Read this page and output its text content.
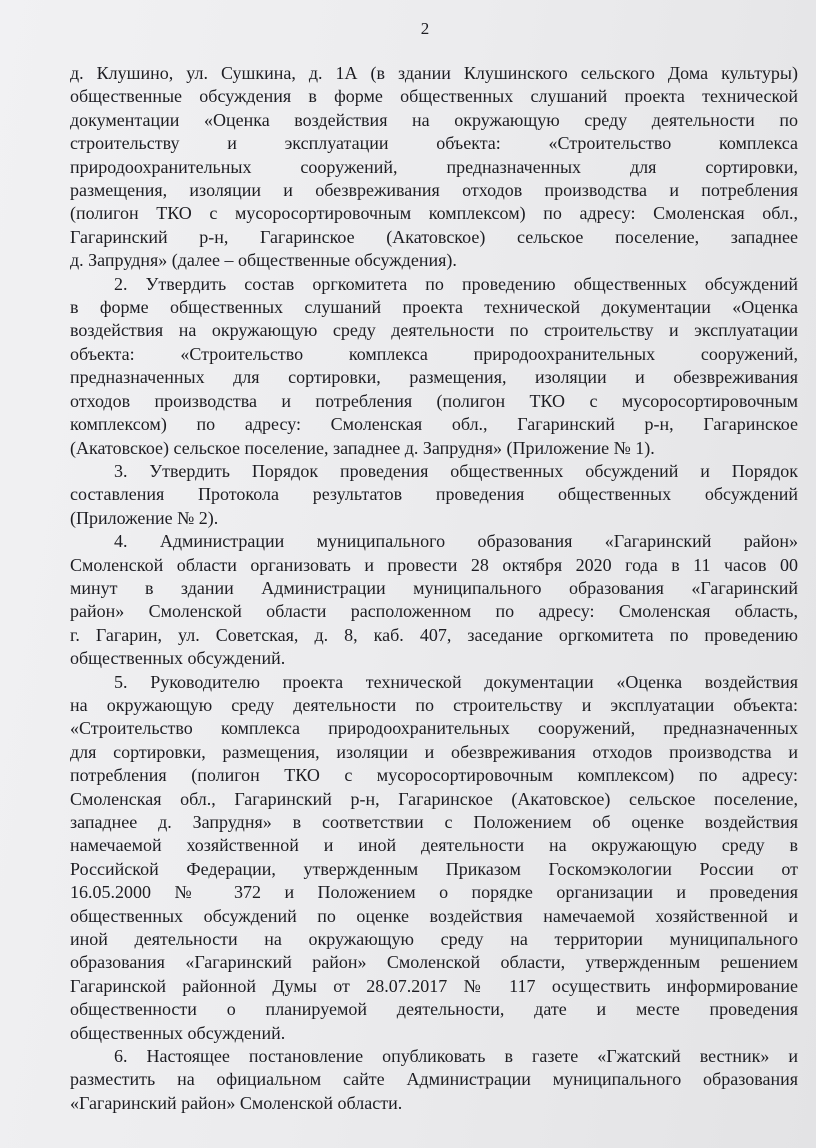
2

д. Клушино, ул. Сушкина, д. 1А (в здании Клушинского сельского Дома культуры)
общественные обсуждения в форме общественных слушаний проекта технической
документации «Оценка воздействия на окружающую среду деятельности по
строительству и эксплуатации объекта: «Строительство комплекса
природоохранительных сооружений, предназначенных для сортировки,
размещения, изоляции и обезвреживания отходов производства и потребления
(полигон ТКО с мусоросортировочным комплексом) по адресу: Смоленская обл.,
Гагаринский р-н, Гагаринское (Акатовское) сельское поселение, западнее
д. Запрудня» (далее – общественные обсуждения).

2. Утвердить состав оргкомитета по проведению общественных обсуждений
в форме общественных слушаний проекта технической документации «Оценка
воздействия на окружающую среду деятельности по строительству и эксплуатации
объекта: «Строительство комплекса природоохранительных сооружений,
предназначенных для сортировки, размещения, изоляции и обезвреживания
отходов производства и потребления (полигон ТКО с мусоросортировочным
комплексом) по адресу: Смоленская обл., Гагаринский р-н, Гагаринское
(Акатовское) сельское поселение, западнее д. Запрудня» (Приложение № 1).

3. Утвердить Порядок проведения общественных обсуждений и Порядок
составления Протокола результатов проведения общественных обсуждений
(Приложение № 2).

4. Администрации муниципального образования «Гагаринский район»
Смоленской области организовать и провести 28 октября 2020 года в 11 часов 00
минут в здании Администрации муниципального образования «Гагаринский
район» Смоленской области расположенном по адресу: Смоленская область,
г. Гагарин, ул. Советская, д. 8, каб. 407, заседание оргкомитета по проведению
общественных обсуждений.

5. Руководителю проекта технической документации «Оценка воздействия
на окружающую среду деятельности по строительству и эксплуатации объекта:
«Строительство комплекса природоохранительных сооружений, предназначенных
для сортировки, размещения, изоляции и обезвреживания отходов производства и
потребления (полигон ТКО с мусоросортировочным комплексом) по адресу:
Смоленская обл., Гагаринский р-н, Гагаринское (Акатовское) сельское поселение,
западнее д. Запрудня» в соответствии с Положением об оценке воздействия
намечаемой хозяйственной и иной деятельности на окружающую среду в
Российской Федерации, утвержденным Приказом Госкомэкологии России от
16.05.2000 № 372 и Положением о порядке организации и проведения
общественных обсуждений по оценке воздействия намечаемой хозяйственной и
иной деятельности на окружающую среду на территории муниципального
образования «Гагаринский район» Смоленской области, утвержденным решением
Гагаринской районной Думы от 28.07.2017 № 117 осуществить информирование
общественности о планируемой деятельности, дате и месте проведения
общественных обсуждений.

6. Настоящее постановление опубликовать в газете «Гжатский вестник» и
разместить на официальном сайте Администрации муниципального образования
«Гагаринский район» Смоленской области.
